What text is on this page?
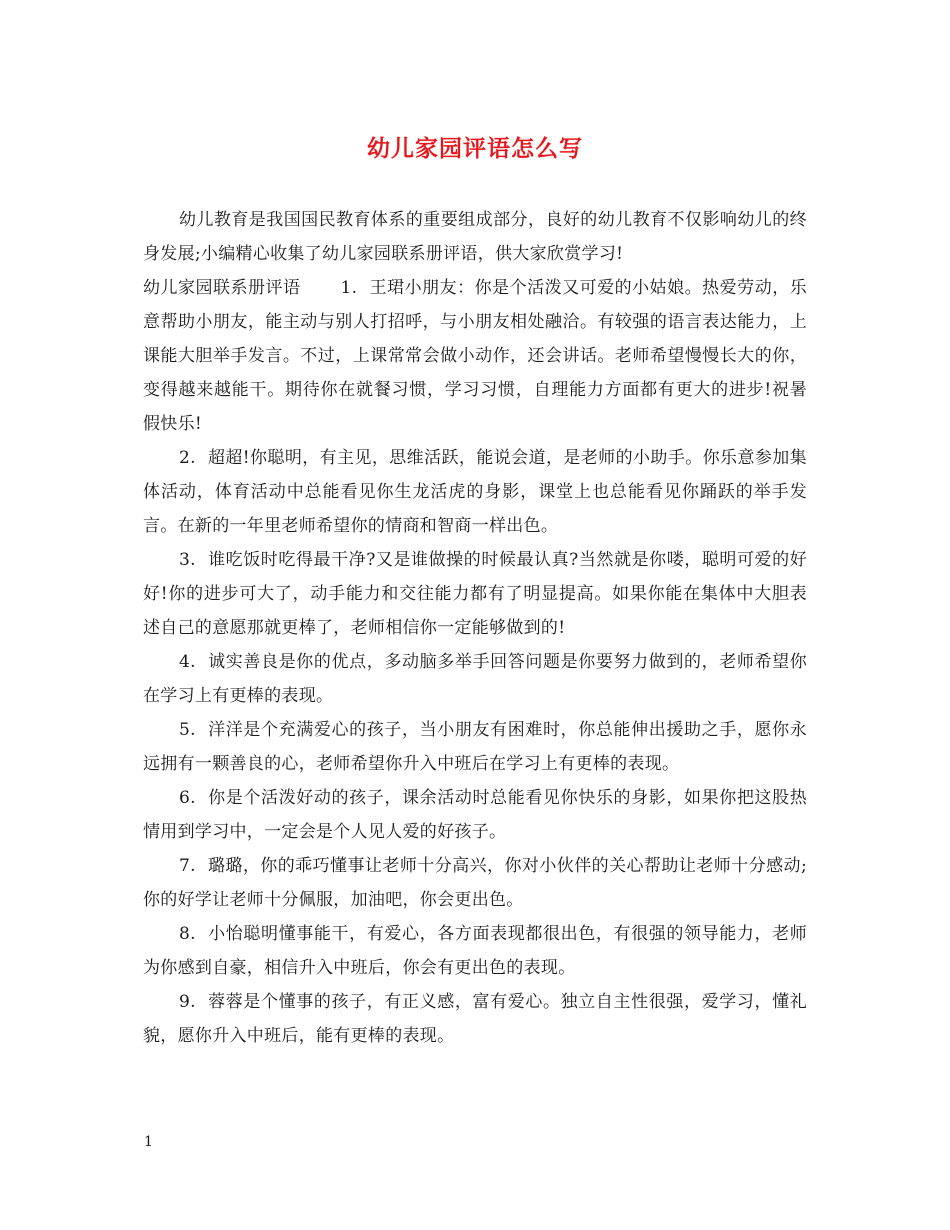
幼儿家园评语怎么写

幼儿教育是我国国民教育体系的重要组成部分，良好的幼儿教育不仅影响幼儿的终身发展;小编精心收集了幼儿家园联系册评语，供大家欣赏学习!

幼儿家园联系册评语 1. 王珺小朋友：你是个活泼又可爱的小姑娘。热爱劳动，乐意帮助小朋友，能主动与别人打招呼，与小朋友相处融洽。有较强的语言表达能力，上课能大胆举手发言。不过，上课常常会做小动作，还会讲话。老师希望慢慢长大的你，变得越来越能干。期待你在就餐习惯，学习习惯，自理能力方面都有更大的进步!祝暑假快乐!

2. 超超!你聪明，有主见，思维活跃，能说会道，是老师的小助手。你乐意参加集体活动，体育活动中总能看见你生龙活虎的身影，课堂上也总能看见你踊跃的举手发言。在新的一年里老师希望你的情商和智商一样出色。

3. 谁吃饭时吃得最干净?又是谁做操的时候最认真?当然就是你喽，聪明可爱的好好!你的进步可大了，动手能力和交往能力都有了明显提高。如果你能在集体中大胆表述自己的意愿那就更棒了，老师相信你一定能够做到的!

4. 诚实善良是你的优点，多动脑多举手回答问题是你要努力做到的，老师希望你在学习上有更棒的表现。

5. 洋洋是个充满爱心的孩子，当小朋友有困难时，你总能伸出援助之手，愿你永远拥有一颗善良的心，老师希望你升入中班后在学习上有更棒的表现。

6. 你是个活泼好动的孩子，课余活动时总能看见你快乐的身影，如果你把这股热情用到学习中，一定会是个人见人爱的好孩子。

7. 璐璐，你的乖巧懂事让老师十分高兴，你对小伙伴的关心帮助让老师十分感动;你的好学让老师十分佩服，加油吧，你会更出色。

8. 小怡聪明懂事能干，有爱心，各方面表现都很出色，有很强的领导能力，老师为你感到自豪，相信升入中班后，你会有更出色的表现。

9. 蓉蓉是个懂事的孩子，有正义感，富有爱心。独立自主性很强，爱学习，懂礼貌，愿你升入中班后，能有更棒的表现。

1
